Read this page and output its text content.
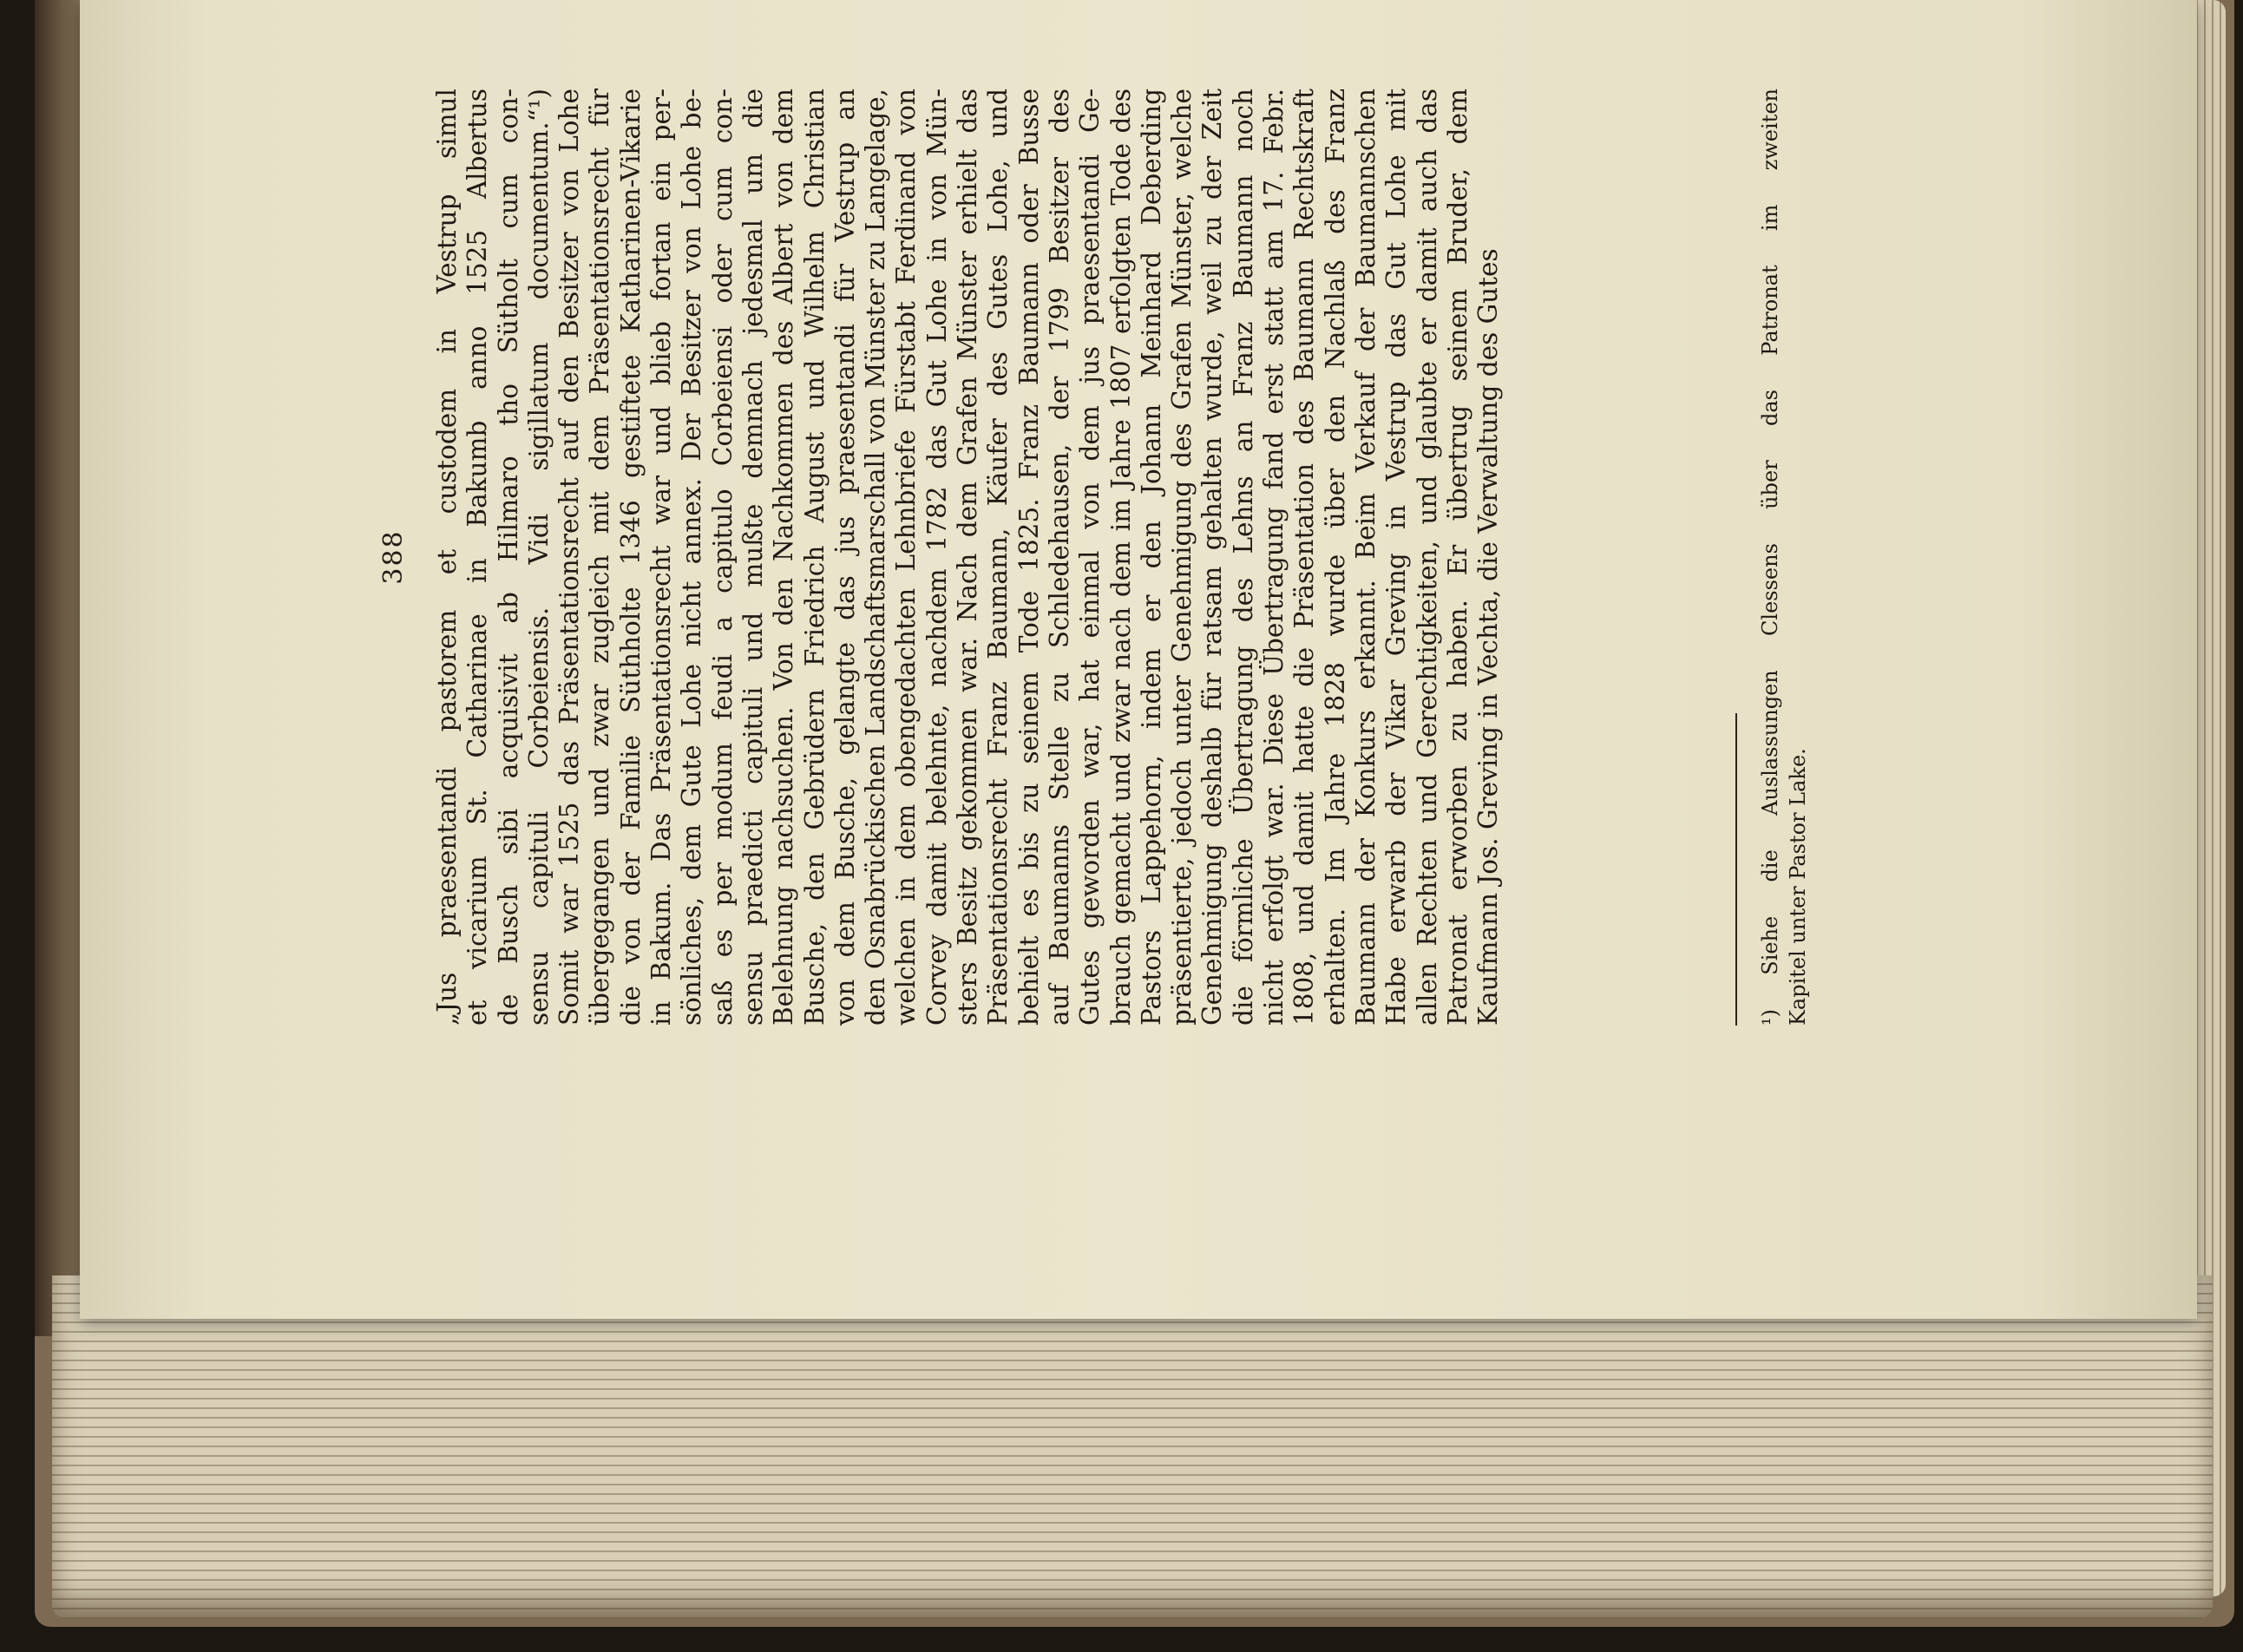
388 „Jus praesentandi pastorem et custodem in Vestrup simul et vicarium St. Catharinae in Bakumb anno 1525 Albertus de Busch sibi acquisivit ab Hilmaro tho Sütholt cum con- sensu capituli Corbeiensis. Vidi sigillatum documentum.“¹) Somit war 1525 das Präsentationsrecht auf den Besitzer von Lohe übergegangen und zwar zugleich mit dem Präsentationsrecht für die von der Familie Süthholte 1346 gestiftete Katharinen-Vikarie in Bakum. Das Präsentationsrecht war und blieb fortan ein per- sönliches, dem Gute Lohe nicht annex. Der Besitzer von Lohe be- saß es per modum feudi a capitulo Corbeiensi oder cum con- sensu praedicti capituli und mußte demnach jedesmal um die Belehnung nachsuchen. Von den Nachkommen des Albert von dem Busche, den Gebrüdern Friedrich August und Wilhelm Christian von dem Busche, gelangte das jus praesentandi für Vestrup an den Osnabrückischen Landschaftsmarschall von Münster zu Langelage, welchen in dem obengedachten Lehnbriefe Fürstabt Ferdinand von Corvey damit belehnte, nachdem 1782 das Gut Lohe in von Mün- sters Besitz gekommen war. Nach dem Grafen Münster erhielt das Präsentationsrecht Franz Baumann, Käufer des Gutes Lohe, und behielt es bis zu seinem Tode 1825. Franz Baumann oder Busse auf Baumanns Stelle zu Schledehausen, der 1799 Besitzer des Gutes geworden war, hat einmal von dem jus praesentandi Ge- brauch gemacht und zwar nach dem im Jahre 1807 erfolgten Tode des Pastors Lappehorn, indem er den Johann Meinhard Deberding präsentierte, jedoch unter Genehmigung des Grafen Münster, welche Genehmigung deshalb für ratsam gehalten wurde, weil zu der Zeit die förmliche Übertragung des Lehns an Franz Baumann noch nicht erfolgt war. Diese Übertragung fand erst statt am 17. Febr. 1808, und damit hatte die Präsentation des Baumann Rechtskraft erhalten. Im Jahre 1828 wurde über den Nachlaß des Franz Baumann der Konkurs erkannt. Beim Verkauf der Baumannschen Habe erwarb der Vikar Greving in Vestrup das Gut Lohe mit allen Rechten und Gerechtigkeiten, und glaubte er damit auch das Patronat erworben zu haben. Er übertrug seinem Bruder, dem Kaufmann Jos. Greving in Vechta, die Verwaltung des Gutes	¹) Siehe die Auslassungen Clessens über das Patronat im zweiten Kapitel unter Pastor Lake.
